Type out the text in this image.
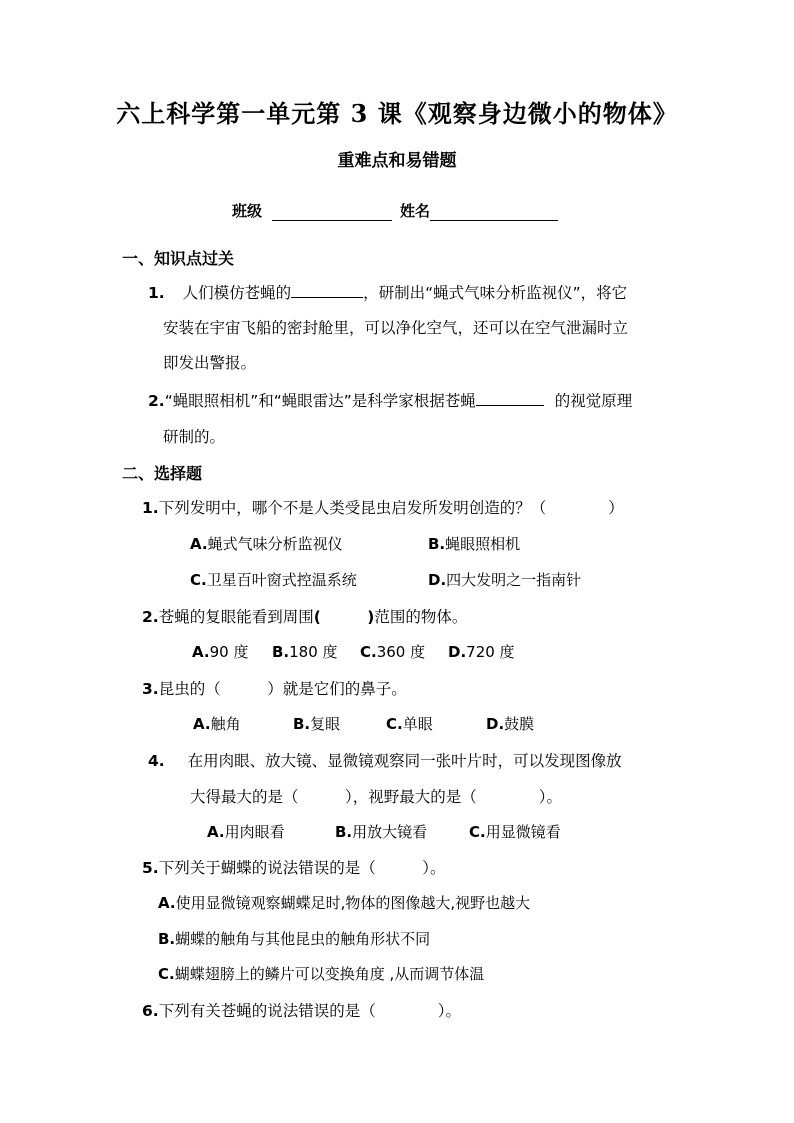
六上科学第一单元第 3 课《观察身边微小的物体》
重难点和易错题
班级	姓名
一、知识点过关
1. 人们模仿苍蝇的	，研制出“蝇式气味分析监视仪”，将它
安装在宇宙飞船的密封舱里，可以净化空气，还可以在空气泄漏时立
即发出警报。
2.“蝇眼照相机”和“蝇眼雷达”是科学家根据苍蝇	的视觉原理
研制的。
二、选择题
1.下列发明中，哪个不是人类受昆虫启发所发明创造的？（　　　　）
A.蝇式气味分析监视仪	B.蝇眼照相机
C.卫星百叶窗式控温系统	D.四大发明之一指南针
2.苍蝇的复眼能看到周围(　　　)范围的物体。
A.90 度 B.180 度 C.360 度 D.720 度
3.昆虫的（　　　）就是它们的鼻子。
A.触角	B.复眼	C.单眼	D.鼓膜
4. 在用肉眼、放大镜、显微镜观察同一张叶片时，可以发现图像放
大得最大的是（　　　），视野最大的是（　　　　）。
A.用肉眼看	B.用放大镜看	C.用显微镜看
5.下列关于蝴蝶的说法错误的是（　　　）。
A.使用显微镜观察蝴蝶足时,物体的图像越大,视野也越大
B.蝴蝶的触角与其他昆虫的触角形状不同
C.蝴蝶翅膀上的鳞片可以变换角度 ,从而调节体温
6.下列有关苍蝇的说法错误的是（　　　　）。
